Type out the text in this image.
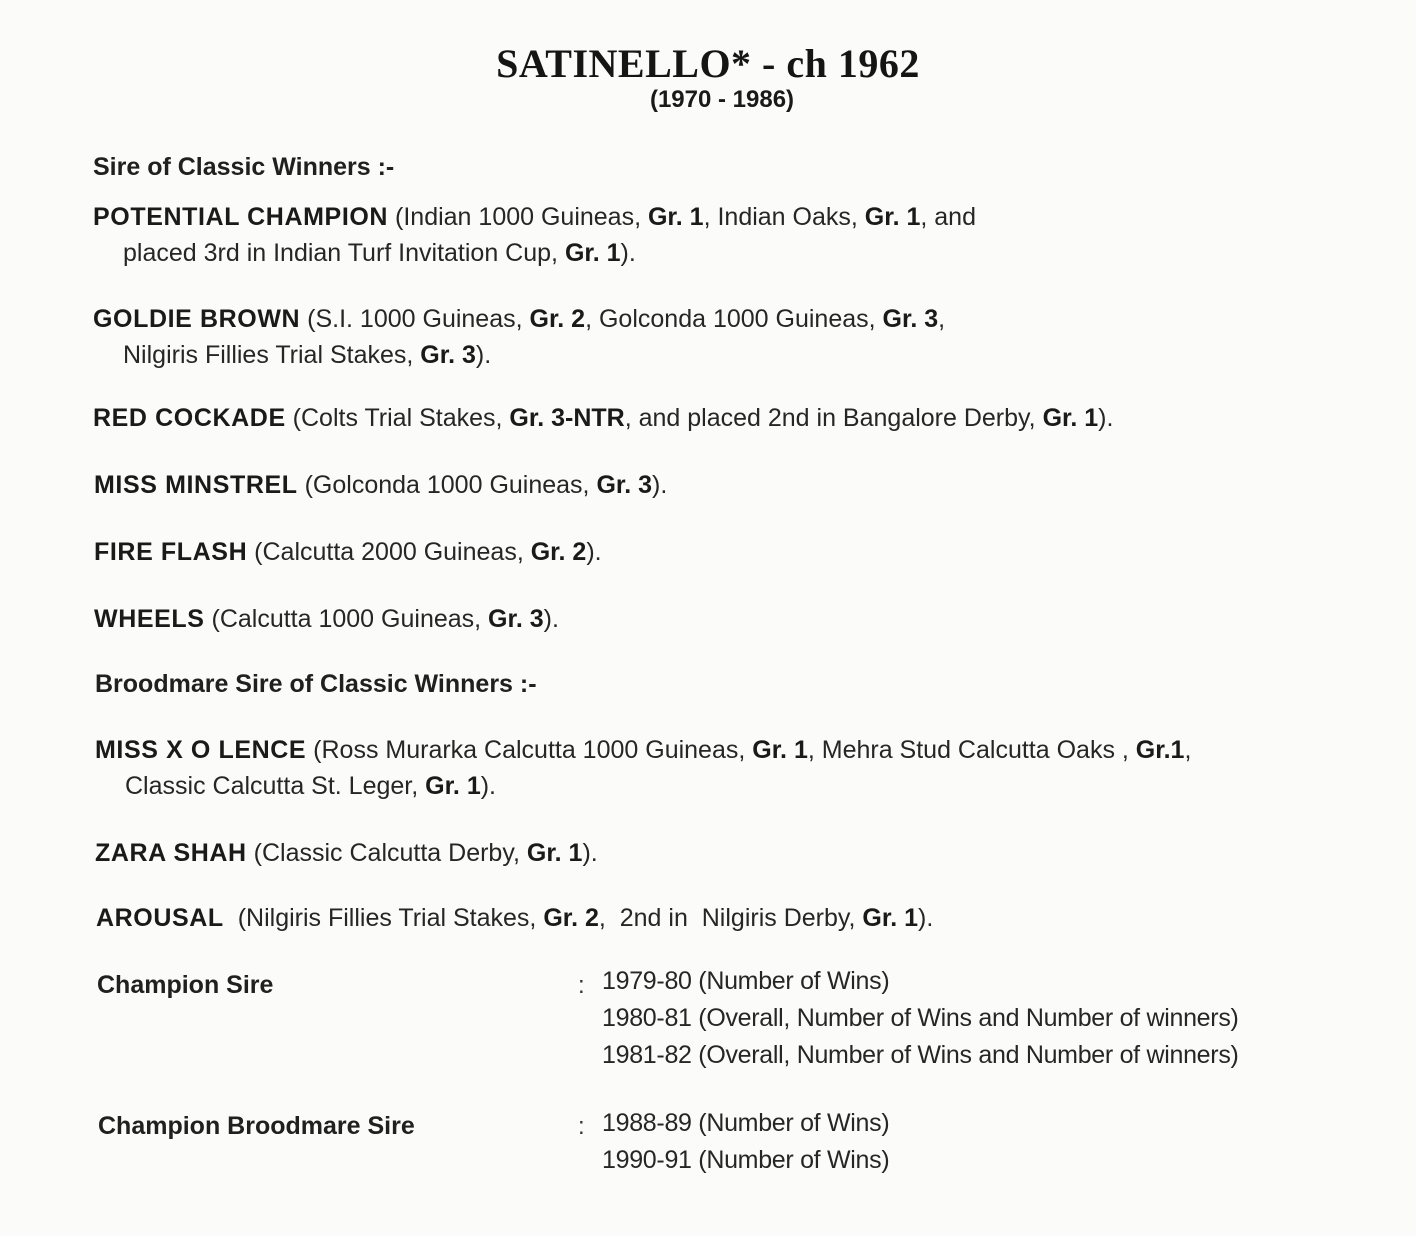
SATINELLO* - ch 1962
(1970 - 1986)
Sire of Classic Winners :-
POTENTIAL CHAMPION (Indian 1000 Guineas, Gr. 1, Indian Oaks, Gr. 1, and
placed 3rd in Indian Turf Invitation Cup, Gr. 1).
GOLDIE BROWN (S.I. 1000 Guineas, Gr. 2, Golconda 1000 Guineas, Gr. 3,
Nilgiris Fillies Trial Stakes, Gr. 3).
RED COCKADE (Colts Trial Stakes, Gr. 3-NTR, and placed 2nd in Bangalore Derby, Gr. 1).
MISS MINSTREL (Golconda 1000 Guineas, Gr. 3).
FIRE FLASH (Calcutta 2000 Guineas, Gr. 2).
WHEELS (Calcutta 1000 Guineas, Gr. 3).
Broodmare Sire of Classic Winners :-
MISS X O LENCE (Ross Murarka Calcutta 1000 Guineas, Gr. 1, Mehra Stud Calcutta Oaks , Gr.1,
Classic Calcutta St. Leger, Gr. 1).
ZARA SHAH (Classic Calcutta Derby, Gr. 1).
AROUSAL  (Nilgiris Fillies Trial Stakes, Gr. 2,  2nd in  Nilgiris Derby, Gr. 1).
Champion Sire	: 1979-80 (Number of Wins)
1980-81 (Overall, Number of Wins and Number of winners)
1981-82 (Overall, Number of Wins and Number of winners)
Champion Broodmare Sire	: 1988-89 (Number of Wins)
1990-91 (Number of Wins)
